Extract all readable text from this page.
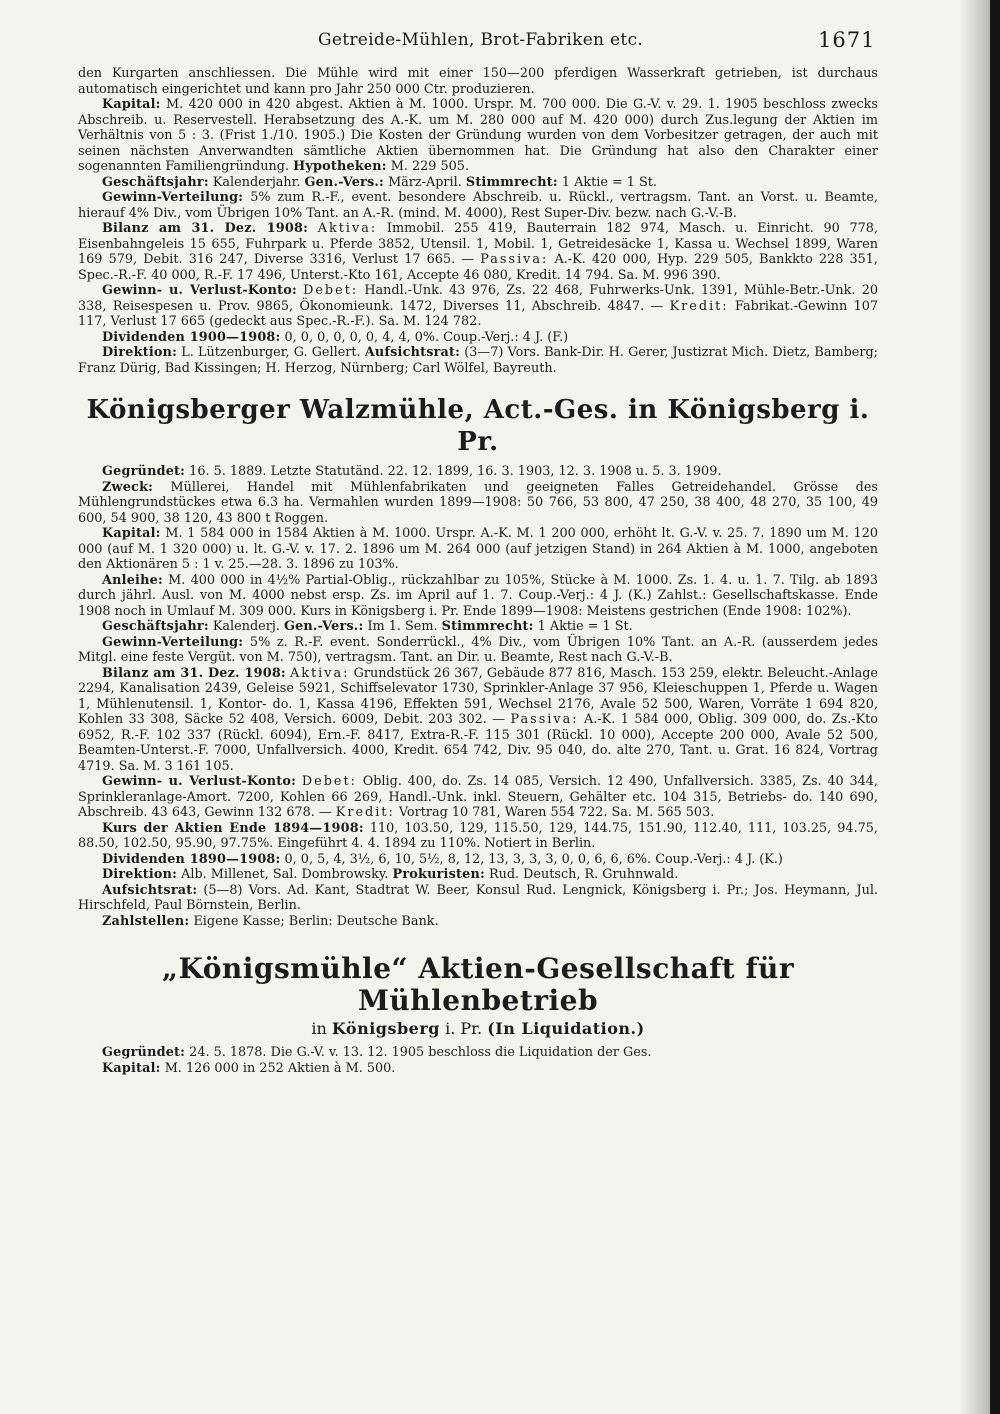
Getreide-Mühlen, Brot-Fabriken etc.	1671

den Kurgarten anschliessen. Die Mühle wird mit einer 150—200 pferdigen Wasserkraft getrieben, ist durchaus automatisch eingerichtet und kann pro Jahr 250 000 Ctr. produzieren.

Kapital: M. 420 000 in 420 abgest. Aktien à M. 1000. Urspr. M. 700 000. Die G.-V. v. 29. 1. 1905 beschloss zwecks Abschreib. u. Reservestell. Herabsetzung des A.-K. um M. 280 000 auf M. 420 000) durch Zus.legung der Aktien im Verhältnis von 5 : 3. (Frist 1./10. 1905.) Die Kosten der Gründung wurden von dem Vorbesitzer getragen, der auch mit seinen nächsten Anverwandten sämtliche Aktien übernommen hat. Die Gründung hat also den Charakter einer sogenannten Familiengründung. Hypotheken: M. 229 505.

Geschäftsjahr: Kalenderjahr. Gen.-Vers.: März-April. Stimmrecht: 1 Aktie = 1 St.

Gewinn-Verteilung: 5% zum R.-F., event. besondere Abschreib. u. Rückl., vertragsm. Tant. an Vorst. u. Beamte, hierauf 4% Div., vom Übrigen 10% Tant. an A.-R. (mind. M. 4000), Rest Super-Div. bezw. nach G.-V.-B.

Bilanz am 31. Dez. 1908: Aktiva: Immobil. 255 419, Bauterrain 182 974, Masch. u. Einricht. 90 778, Eisenbahngeleis 15 655, Fuhrpark u. Pferde 3852, Utensil. 1, Mobil. 1, Getreidesäcke 1, Kassa u. Wechsel 1899, Waren 169 579, Debit. 316 247, Diverse 3316, Verlust 17 665. — Passiva: A.-K. 420 000, Hyp. 229 505, Bankkto 228 351, Spec.-R.-F. 40 000, R.-F. 17 496, Unterst.-Kto 161, Accepte 46 080, Kredit. 14 794. Sa. M. 996 390.

Gewinn- u. Verlust-Konto: Debet: Handl.-Unk. 43 976, Zs. 22 468, Fuhrwerks-Unk. 1391, Mühle-Betr.-Unk. 20 338, Reisespesen u. Prov. 9865, Ökonomieunk. 1472, Diverses 11, Abschreib. 4847. — Kredit: Fabrikat.-Gewinn 107 117, Verlust 17 665 (gedeckt aus Spec.-R.-F.). Sa. M. 124 782.

Dividenden 1900—1908: 0, 0, 0, 0, 0, 0, 4, 4, 0%. Coup.-Verj.: 4 J. (F.)

Direktion: L. Lützenburger, G. Gellert. Aufsichtsrat: (3—7) Vors. Bank-Dir. H. Gerer, Justizrat Mich. Dietz, Bamberg; Franz Dürig, Bad Kissingen; H. Herzog, Nürnberg; Carl Wölfel, Bayreuth.

Königsberger Walzmühle, Act.-Ges. in Königsberg i. Pr.

Gegründet: 16. 5. 1889. Letzte Statutänd. 22. 12. 1899, 16. 3. 1903, 12. 3. 1908 u. 5. 3. 1909.

Zweck: Müllerei, Handel mit Mühlenfabrikaten und geeigneten Falles Getreidehandel. Grösse des Mühlengrundstückes etwa 6.3 ha. Vermahlen wurden 1899—1908: 50 766, 53 800, 47 250, 38 400, 48 270, 35 100, 49 600, 54 900, 38 120, 43 800 t Roggen.

Kapital: M. 1 584 000 in 1584 Aktien à M. 1000. Urspr. A.-K. M. 1 200 000, erhöht lt. G.-V. v. 25. 7. 1890 um M. 120 000 (auf M. 1 320 000) u. lt. G.-V. v. 17. 2. 1896 um M. 264 000 (auf jetzigen Stand) in 264 Aktien à M. 1000, angeboten den Aktionären 5 : 1 v. 25.—28. 3. 1896 zu 103%.

Anleihe: M. 400 000 in 4½% Partial-Oblig., rückzahlbar zu 105%, Stücke à M. 1000. Zs. 1. 4. u. 1. 7. Tilg. ab 1893 durch jährl. Ausl. von M. 4000 nebst ersp. Zs. im April auf 1. 7. Coup.-Verj.: 4 J. (K.) Zahlst.: Gesellschaftskasse. Ende 1908 noch in Umlauf M. 309 000. Kurs in Königsberg i. Pr. Ende 1899—1908: Meistens gestrichen (Ende 1908: 102%).

Geschäftsjahr: Kalenderj. Gen.-Vers.: Im 1. Sem. Stimmrecht: 1 Aktie = 1 St.

Gewinn-Verteilung: 5% z. R.-F. event. Sonderrückl., 4% Div., vom Übrigen 10% Tant. an A.-R. (ausserdem jedes Mitgl. eine feste Vergüt. von M. 750), vertragsm. Tant. an Dir. u. Beamte, Rest nach G.-V.-B.

Bilanz am 31. Dez. 1908: Aktiva: Grundstück 26 367, Gebäude 877 816, Masch. 153 259, elektr. Beleucht.-Anlage 2294, Kanalisation 2439, Geleise 5921, Schiffselevator 1730, Sprinkler-Anlage 37 956, Kleieschuppen 1, Pferde u. Wagen 1, Mühlenutensil. 1, Kontor- do. 1, Kassa 4196, Effekten 591, Wechsel 2176, Avale 52 500, Waren, Vorräte 1 694 820, Kohlen 33 308, Säcke 52 408, Versich. 6009, Debit. 203 302. — Passiva: A.-K. 1 584 000, Oblig. 309 000, do. Zs.-Kto 6952, R.-F. 102 337 (Rückl. 6094), Ern.-F. 8417, Extra-R.-F. 115 301 (Rückl. 10 000), Accepte 200 000, Avale 52 500, Beamten-Unterst.-F. 7000, Unfallversich. 4000, Kredit. 654 742, Div. 95 040, do. alte 270, Tant. u. Grat. 16 824, Vortrag 4719. Sa. M. 3 161 105.

Gewinn- u. Verlust-Konto: Debet: Oblig. 400, do. Zs. 14 085, Versich. 12 490, Unfallversich. 3385, Zs. 40 344, Sprinkleranlage-Amort. 7200, Kohlen 66 269, Handl.-Unk. inkl. Steuern, Gehälter etc. 104 315, Betriebs- do. 140 690, Abschreib. 43 643, Gewinn 132 678. — Kredit: Vortrag 10 781, Waren 554 722. Sa. M. 565 503.

Kurs der Aktien Ende 1894—1908: 110, 103.50, 129, 115.50, 129, 144.75, 151.90, 112.40, 111, 103.25, 94.75, 88.50, 102.50, 95.90, 97.75%. Eingeführt 4. 4. 1894 zu 110%. Notiert in Berlin.

Dividenden 1890—1908: 0, 0, 5, 4, 3½, 6, 10, 5½, 8, 12, 13, 3, 3, 3, 0, 0, 6, 6, 6%. Coup.-Verj.: 4 J. (K.)

Direktion: Alb. Millenet, Sal. Dombrowsky. Prokuristen: Rud. Deutsch, R. Gruhnwald.

Aufsichtsrat: (5—8) Vors. Ad. Kant, Stadtrat W. Beer, Konsul Rud. Lengnick, Königsberg i. Pr.; Jos. Heymann, Jul. Hirschfeld, Paul Börnstein, Berlin.

Zahlstellen: Eigene Kasse; Berlin: Deutsche Bank.

„Königsmühle“ Aktien-Gesellschaft für Mühlenbetrieb
in Königsberg i. Pr. (In Liquidation.)

Gegründet: 24. 5. 1878. Die G.-V. v. 13. 12. 1905 beschloss die Liquidation der Ges.

Kapital: M. 126 000 in 252 Aktien à M. 500.
